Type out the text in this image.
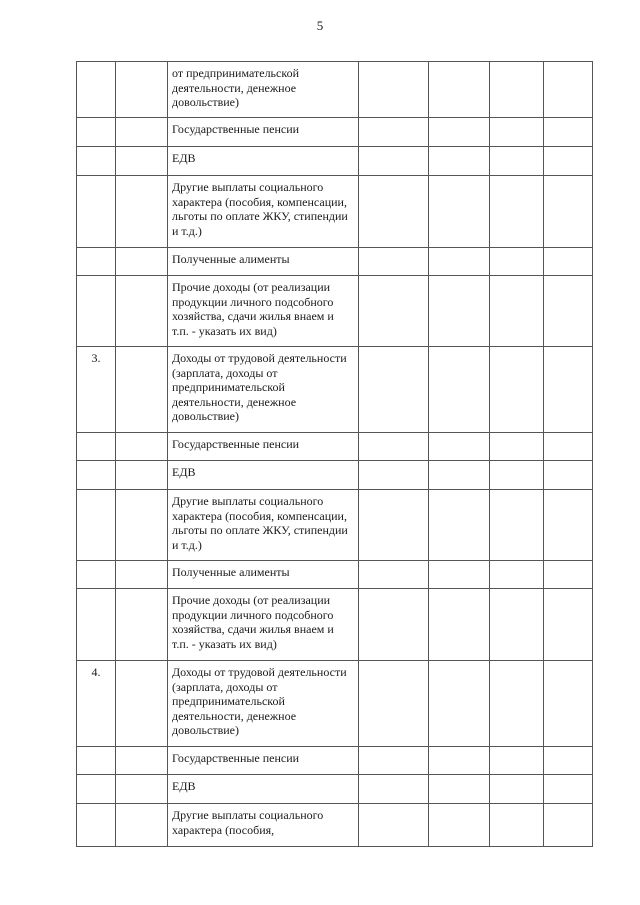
5
		от предпринимательской деятельности, денежное довольствие)				
		Государственные пенсии				
		ЕДВ				
		Другие выплаты социального характера (пособия, компенсации, льготы по оплате ЖКУ, стипендии и т.д.)				
		Полученные алименты				
		Прочие доходы (от реализации продукции личного подсобного хозяйства, сдачи жилья внаем и т.п. - указать их вид)				
3.		Доходы от трудовой деятельности (зарплата, доходы от предпринимательской деятельности, денежное довольствие)				
		Государственные пенсии				
		ЕДВ				
		Другие выплаты социального характера (пособия, компенсации, льготы по оплате ЖКУ, стипендии и т.д.)				
		Полученные алименты				
		Прочие доходы (от реализации продукции личного подсобного хозяйства, сдачи жилья внаем и т.п. - указать их вид)				
4.		Доходы от трудовой деятельности (зарплата, доходы от предпринимательской деятельности, денежное довольствие)				
		Государственные пенсии				
		ЕДВ				
		Другие выплаты социального характера (пособия,				
